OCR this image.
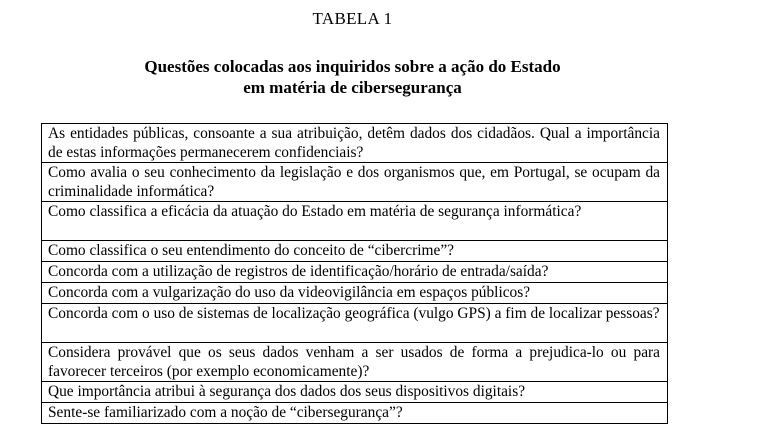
TABELA 1
Questões colocadas aos inquiridos sobre a ação do Estado
em matéria de cibersegurança
As entidades públicas, consoante a sua atribuição, detêm dados dos cidadãos. Qual a importância de estas informações permanecerem confidenciais?
Como avalia o seu conhecimento da legislação e dos organismos que, em Portugal, se ocupam da criminalidade informática?
Como classifica a eficácia da atuação do Estado em matéria de segurança informática?
Como classifica o seu entendimento do conceito de “cibercrime”?
Concorda com a utilização de registros de identificação/horário de entrada/saída?
Concorda com a vulgarização do uso da videovigilância em espaços públicos?
Concorda com o uso de sistemas de localização geográfica (vulgo GPS) a fim de localizar pessoas?
Considera provável que os seus dados venham a ser usados de forma a prejudica-lo ou para favorecer terceiros (por exemplo economicamente)?
Que importância atribui à segurança dos dados dos seus dispositivos digitais?
Sente-se familiarizado com a noção de “cibersegurança”?
